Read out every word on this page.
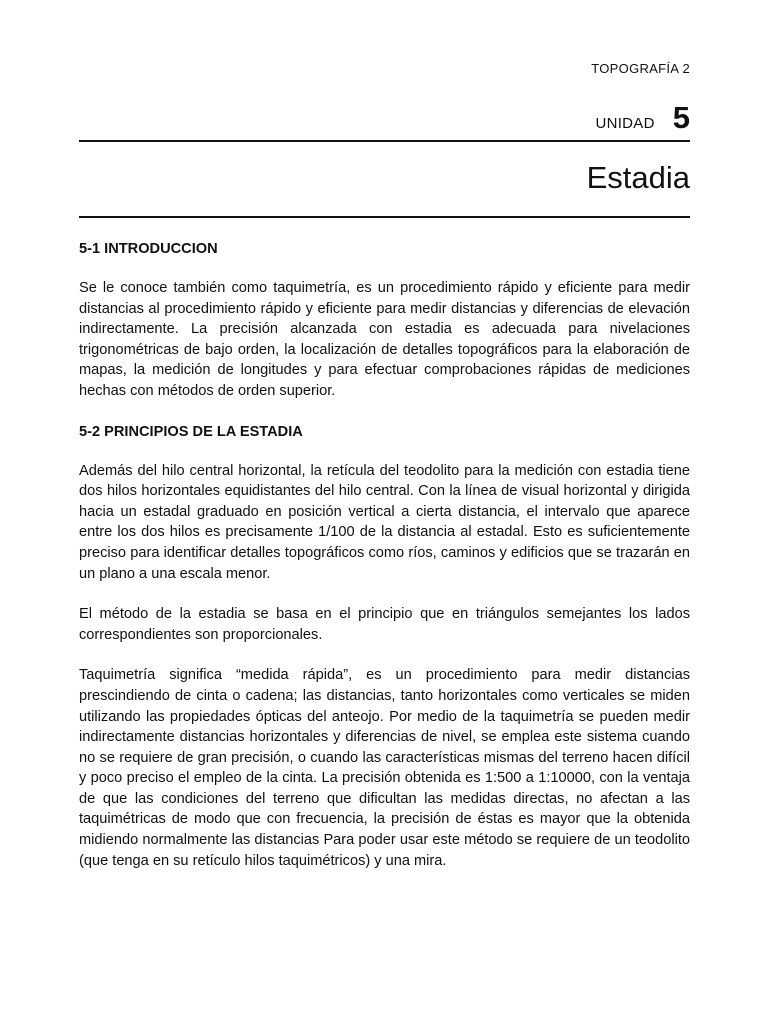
TOPOGRAFÍA 2
UNIDAD 5
Estadia
5-1 INTRODUCCION

Se le conoce también como taquimetría, es un procedimiento rápido y eficiente para medir distancias al procedimiento rápido y eficiente para medir distancias y diferencias de elevación indirectamente. La precisión alcanzada con estadia es adecuada para nivelaciones trigonométricas de bajo orden, la localización de detalles topográficos para la elaboración de mapas, la medición de longitudes y para efectuar comprobaciones rápidas de mediciones hechas con métodos de orden superior.

5-2 PRINCIPIOS DE LA ESTADIA

Además del hilo central horizontal, la retícula del teodolito para la medición con estadia tiene dos hilos horizontales equidistantes del hilo central. Con la línea de visual horizontal y dirigida hacia un estadal graduado en posición vertical a cierta distancia, el intervalo que aparece entre los dos hilos es precisamente 1/100 de la distancia al estadal. Esto es suficientemente preciso para identificar detalles topográficos como ríos, caminos y edificios que se trazarán en un plano a una escala menor.

El método de la estadia se basa en el principio que en triángulos semejantes los lados correspondientes son proporcionales.

Taquimetría significa “medida rápida”, es un procedimiento para medir distancias prescindiendo de cinta o cadena; las distancias, tanto horizontales como verticales se miden utilizando las propiedades ópticas del anteojo. Por medio de la taquimetría se pueden medir indirectamente distancias horizontales y diferencias de nivel, se emplea este sistema cuando no se requiere de gran precisión, o cuando las características mismas del terreno hacen difícil y poco preciso el empleo de la cinta. La precisión obtenida es 1:500 a 1:10000, con la ventaja de que las condiciones del terreno que dificultan las medidas directas, no afectan a las taquimétricas de modo que con frecuencia, la precisión de éstas es mayor que la obtenida midiendo normalmente las distancias Para poder usar este método se requiere de un teodolito (que tenga en su retículo hilos taquimétricos) y una mira.
